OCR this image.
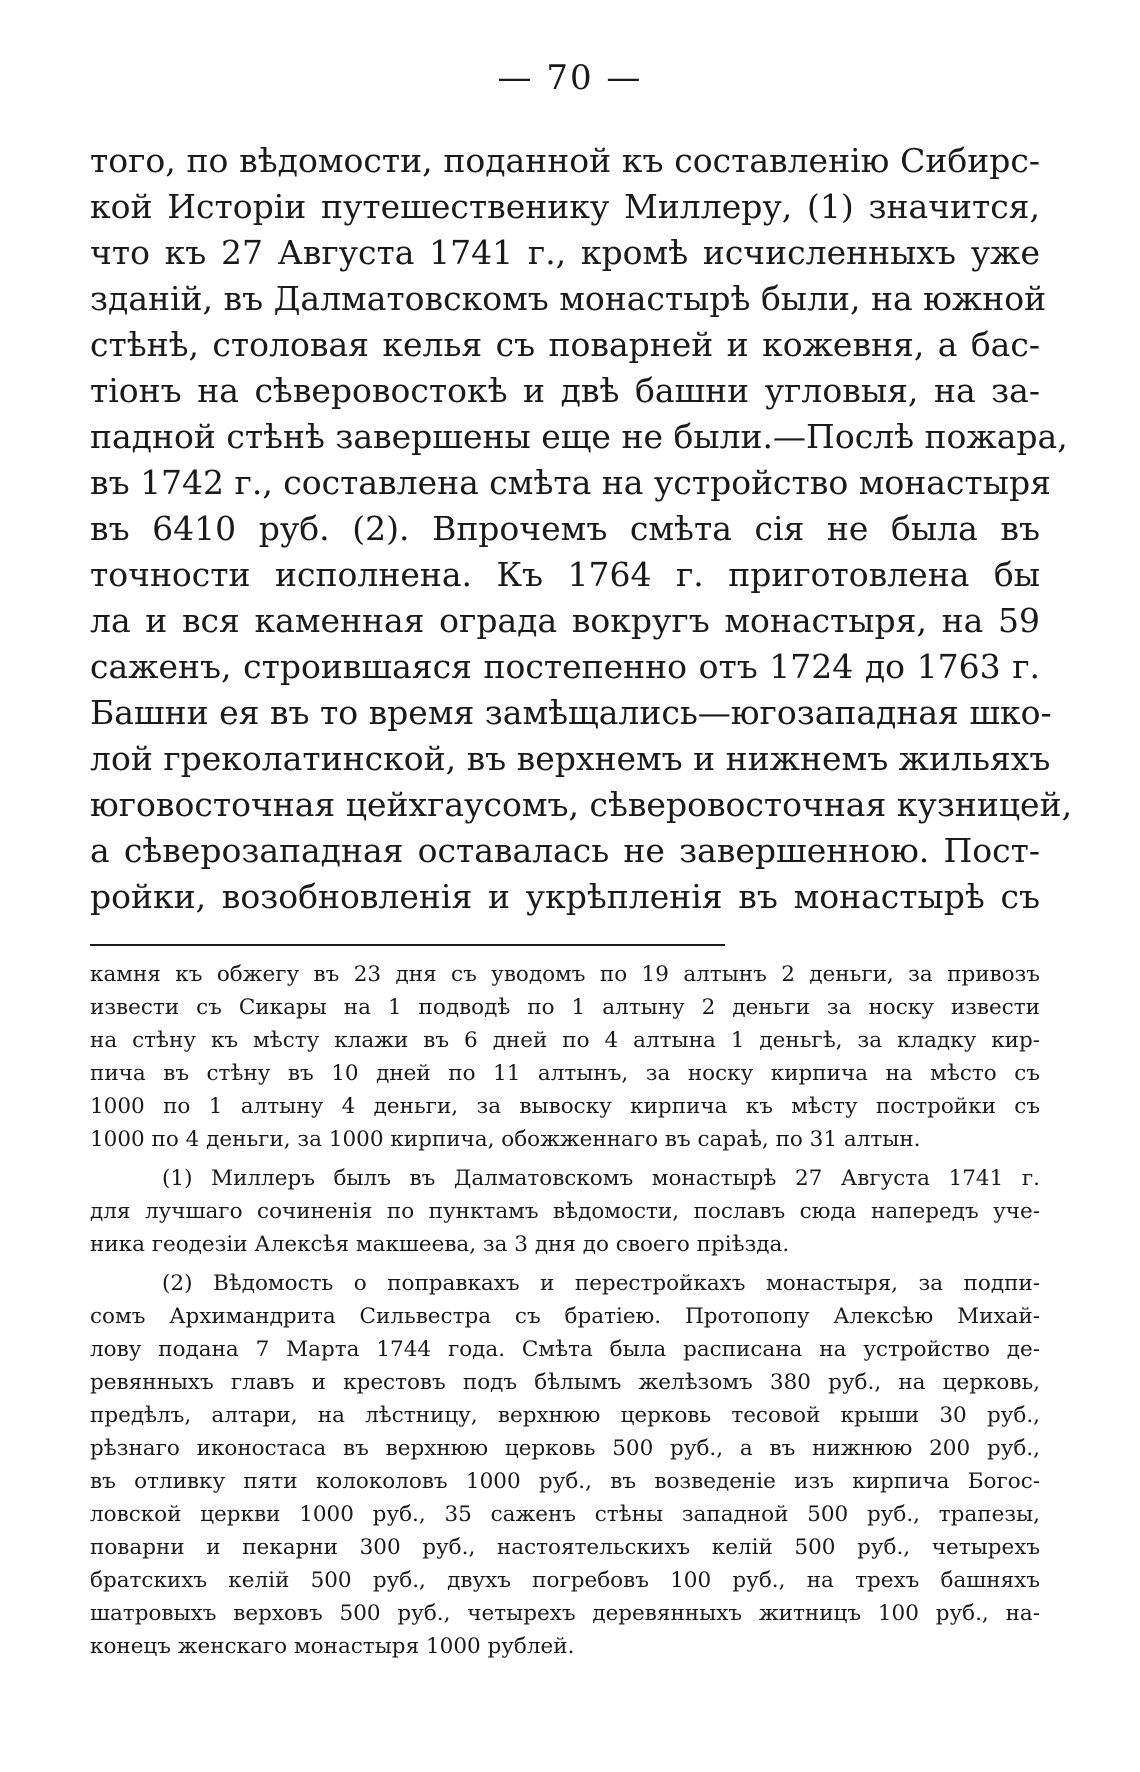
— 70 —
того, по вѣдомости, поданной къ составленію Сибирс-
кой Исторіи путешественику Миллеру, (1) значится,
что къ 27 Августа 1741 г., кромѣ исчисленныхъ уже
зданій, въ Далматовскомъ монастырѣ были, на южной
стѣнѣ, столовая келья съ поварней и кожевня, а бас-
тіонъ на сѣверовостокѣ и двѣ башни угловыя, на за-
падной стѣнѣ завершены еще не были.—Послѣ пожара,
въ 1742 г., составлена смѣта на устройство монастыря
въ 6410 руб. (2). Впрочемъ смѣта сія не была въ
точности исполнена. Къ 1764 г. приготовлена бы
ла и вся каменная ограда вокругъ монастыря, на 59
саженъ, строившаяся постепенно отъ 1724 до 1763 г.
Башни ея въ то время замѣщались—югозападная шко-
лой греколатинской, въ верхнемъ и нижнемъ жильяхъ
юговосточная цейхгаусомъ, сѣверовосточная кузницей,
а сѣверозападная оставалась не завершенною. Пост-
ройки, возобновленія и укрѣпленія въ монастырѣ съ
камня къ обжегу въ 23 дня съ уводомъ по 19 алтынъ 2 деньги, за привозъ
извести съ Сикары на 1 подводѣ по 1 алтыну 2 деньги за носку извести
на стѣну къ мѣсту клажи въ 6 дней по 4 алтына 1 деньгѣ, за кладку кир-
пича въ стѣну въ 10 дней по 11 алтынъ, за носку кирпича на мѣсто съ
1000 по 1 алтыну 4 деньги, за вывоску кирпича къ мѣсту постройки съ
1000 по 4 деньги, за 1000 кирпича, обожженнаго въ сараѣ, по 31 алтын.
(1) Миллеръ былъ въ Далматовскомъ монастырѣ 27 Августа 1741 г.
для лучшаго сочиненія по пунктамъ вѣдомости, пославъ сюда напередъ уче-
ника геодезіи Алексѣя макшеева, за 3 дня до своего пріѣзда.
(2) Вѣдомость о поправкахъ и перестройкахъ монастыря, за подпи-
сомъ Архимандрита Сильвестра съ братіею. Протопопу Алексѣю Михай-
лову подана 7 Марта 1744 года. Смѣта была расписана на устройство де-
ревянныхъ главъ и крестовъ подъ бѣлымъ желѣзомъ 380 руб., на церковь,
предѣлъ, алтари, на лѣстницу, верхнюю церковь тесовой крыши 30 руб.,
рѣзнаго иконостаса въ верхнюю церковь 500 руб., а въ нижнюю 200 руб.,
въ отливку пяти колоколовъ 1000 руб., въ возведеніе изъ кирпича Богос-
ловской церкви 1000 руб., 35 саженъ стѣны западной 500 руб., трапезы,
поварни и пекарни 300 руб., настоятельскихъ келій 500 руб., четырехъ
братскихъ келій 500 руб., двухъ погребовъ 100 руб., на трехъ башняхъ
шатровыхъ верховъ 500 руб., четырехъ деревянныхъ житницъ 100 руб., на-
конецъ женскаго монастыря 1000 рублей.
